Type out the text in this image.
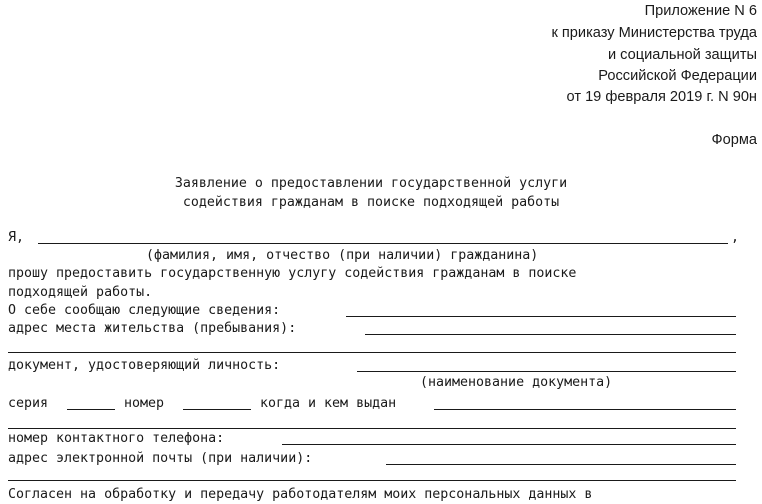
Приложение N 6
к приказу Министерства труда
и социальной защиты
Российской Федерации
от 19 февраля 2019 г. N 90н
Форма
Заявление о предоставлении государственной услуги
содействия гражданам в поиске подходящей работы
Я,	,
(фамилия, имя, отчество (при наличии) гражданина)
прошу предоставить государственную услугу содействия гражданам в поиске
подходящей работы.
О себе сообщаю следующие сведения:
адрес места жительства (пребывания):
документ, удостоверяющий личность:
(наименование документа)
серия	номер	когда и кем выдан
номер контактного телефона:
адрес электронной почты (при наличии):
Согласен на обработку и передачу работодателям моих персональных данных в
